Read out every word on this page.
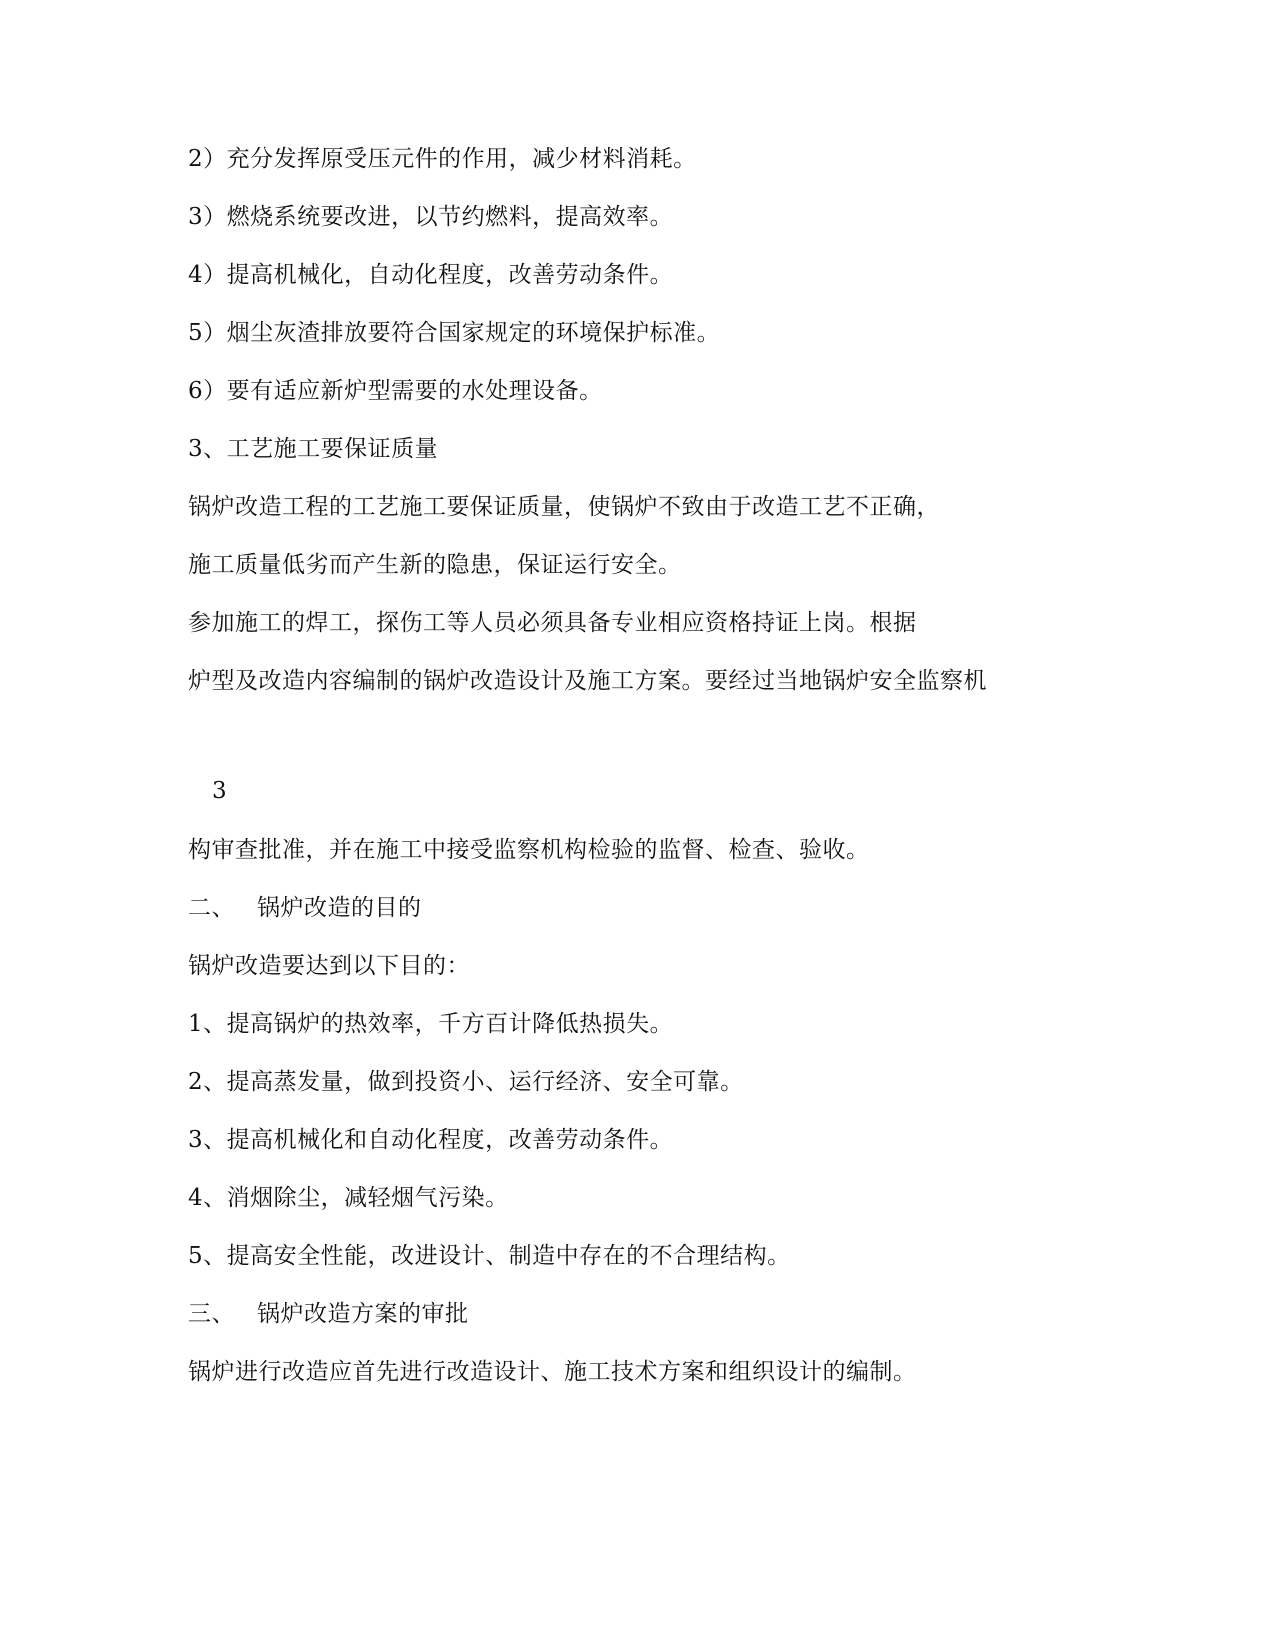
2）充分发挥原受压元件的作用，减少材料消耗。
3）燃烧系统要改进，以节约燃料，提高效率。
4）提高机械化，自动化程度，改善劳动条件。
5）烟尘灰渣排放要符合国家规定的环境保护标准。
6）要有适应新炉型需要的水处理设备。
3、工艺施工要保证质量
锅炉改造工程的工艺施工要保证质量，使锅炉不致由于改造工艺不正确，
施工质量低劣而产生新的隐患，保证运行安全。
参加施工的焊工，探伤工等人员必须具备专业相应资格持证上岗。根据
炉型及改造内容编制的锅炉改造设计及施工方案。要经过当地锅炉安全监察机
3
构审查批准，并在施工中接受监察机构检验的监督、检查、验收。
二、 锅炉改造的目的
锅炉改造要达到以下目的：
1、提高锅炉的热效率，千方百计降低热损失。
2、提高蒸发量，做到投资小、运行经济、安全可靠。
3、提高机械化和自动化程度，改善劳动条件。
4、消烟除尘，减轻烟气污染。
5、提高安全性能，改进设计、制造中存在的不合理结构。
三、 锅炉改造方案的审批
锅炉进行改造应首先进行改造设计、施工技术方案和组织设计的编制。
